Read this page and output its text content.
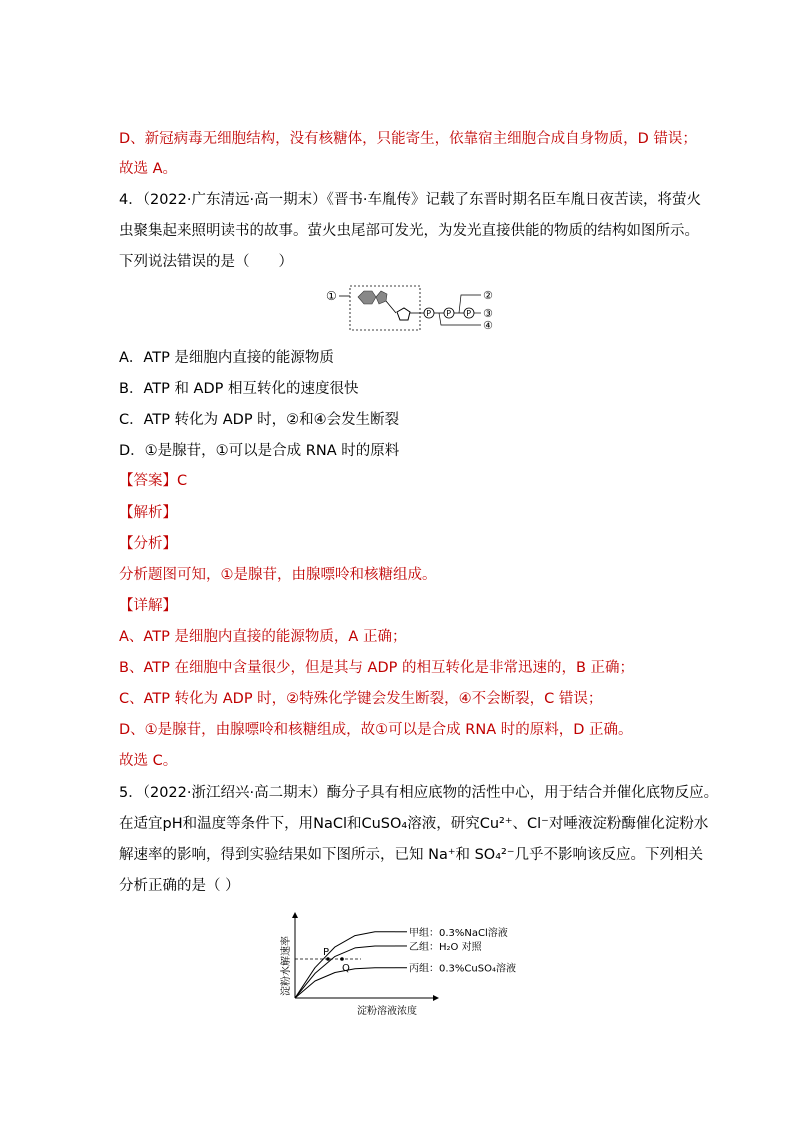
D、新冠病毒无细胞结构，没有核糖体，只能寄生，依靠宿主细胞合成自身物质，D 错误；
故选 A。
4．（2022·广东清远·高一期末）《晋书·车胤传》记载了东晋时期名臣车胤日夜苦读，将萤火
虫聚集起来照明读书的故事。萤火虫尾部可发光，为发光直接供能的物质的结构如图所示。
下列说法错误的是（　　）
①
P P P
②
③
④
A．ATP 是细胞内直接的能源物质
B．ATP 和 ADP 相互转化的速度很快
C．ATP 转化为 ADP 时，②和④会发生断裂
D．①是腺苷，①可以是合成 RNA 时的原料
【答案】C
【解析】
【分析】
分析题图可知，①是腺苷，由腺嘌呤和核糖组成。
【详解】
A、ATP 是细胞内直接的能源物质，A 正确；
B、ATP 在细胞中含量很少，但是其与 ADP 的相互转化是非常迅速的，B 正确；
C、ATP 转化为 ADP 时，②特殊化学键会发生断裂，④不会断裂，C 错误；
D、①是腺苷，由腺嘌呤和核糖组成，故①可以是合成 RNA 时的原料，D 正确。
故选 C。
5．（2022·浙江绍兴·高二期末）酶分子具有相应底物的活性中心，用于结合并催化底物反应。
在适宜pH和温度等条件下，用NaCl和CuSO₄溶液，研究Cu²⁺、Cl⁻对唾液淀粉酶催化淀粉水
解速率的影响，得到实验结果如下图所示，已知 Na⁺和 SO₄²⁻几乎不影响该反应。下列相关
分析正确的是（ ）
淀粉溶液浓度
淀粉水解速率
甲组：0.3%NaCl溶液
乙组：H₂O 对照
丙组：0.3%CuSO₄溶液
P
Q
